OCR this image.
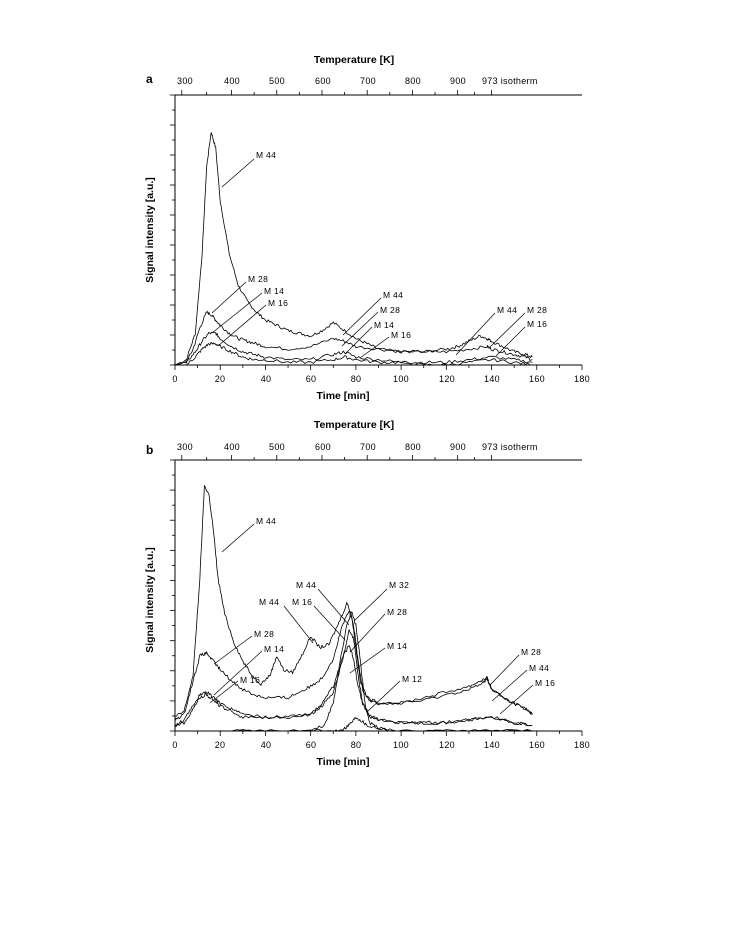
a
Temperature [K]
300	400	500	600	700	800	900 973 isotherm
0	20	40	60	80	100	120	140	160	180
Time [min]
Signal intensity [a.u.]
M 44
M 28
M 14
M 16
M 44
M 28
M 14
M 16
M 44 M 28
M 16
b
Temperature [K]
300	400	500	600	700	800	900 973 isotherm
0	20	40	60	80	100	120	140	160	180
Time [min]
Signal intensity [a.u.]
M 44
M 28
M 14
M 16
M 44 M 16
M 44	M 32
M 28
M 14
M 12
M 28
M 44
M 16
